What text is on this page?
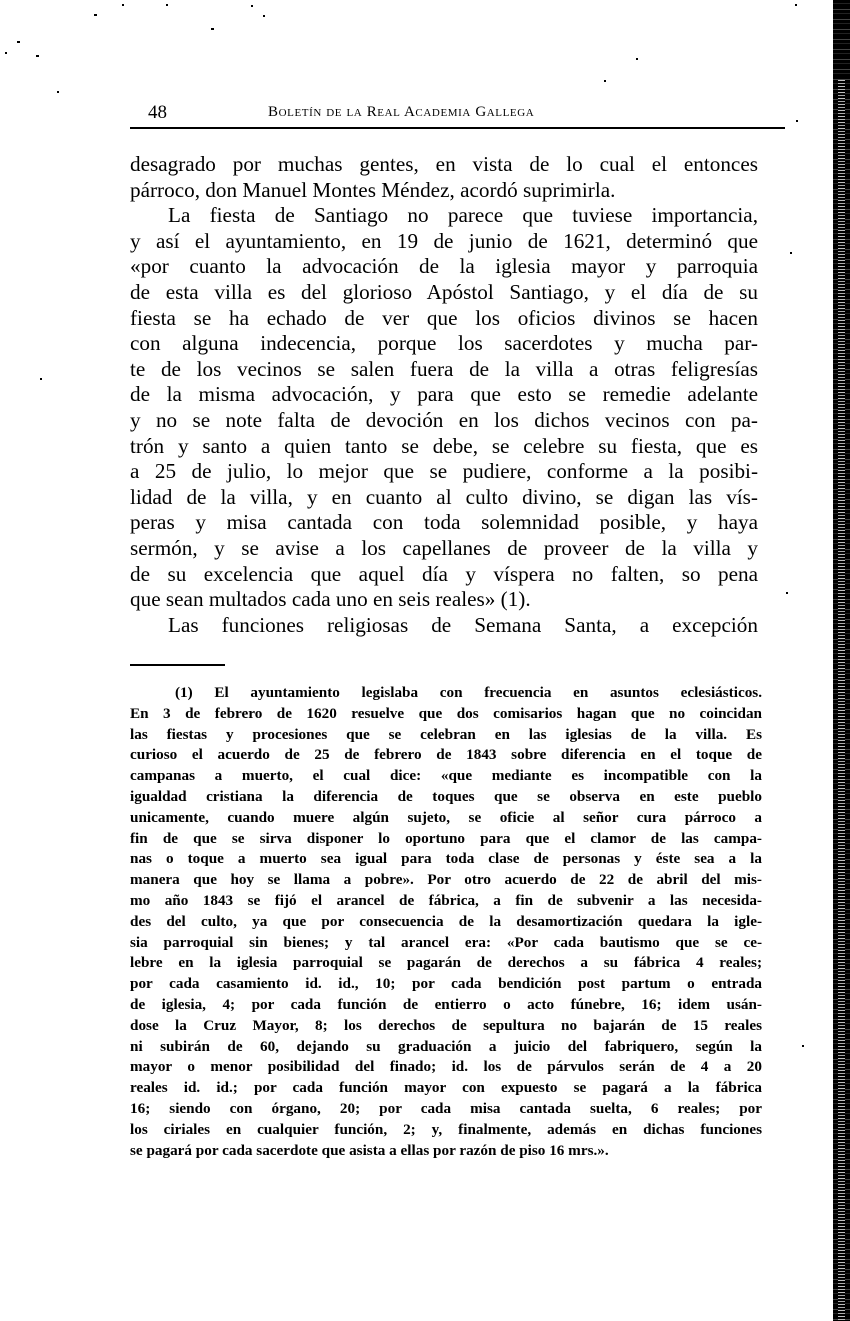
48	Boletín de la Real Academia Gallega
desagrado por muchas gentes, en vista de lo cual el entonces
párroco, don Manuel Montes Méndez, acordó suprimirla.
La fiesta de Santiago no parece que tuviese importancia,
y así el ayuntamiento, en 19 de junio de 1621, determinó que
«por cuanto la advocación de la iglesia mayor y parroquia
de esta villa es del glorioso Apóstol Santiago, y el día de su
fiesta se ha echado de ver que los oficios divinos se hacen
con alguna indecencia, porque los sacerdotes y mucha par-
te de los vecinos se salen fuera de la villa a otras feligresías
de la misma advocación, y para que esto se remedie adelante
y no se note falta de devoción en los dichos vecinos con pa-
trón y santo a quien tanto se debe, se celebre su fiesta, que es
a 25 de julio, lo mejor que se pudiere, conforme a la posibi-
lidad de la villa, y en cuanto al culto divino, se digan las vís-
peras y misa cantada con toda solemnidad posible, y haya
sermón, y se avise a los capellanes de proveer de la villa y
de su excelencia que aquel día y víspera no falten, so pena
que sean multados cada uno en seis reales» (1).
Las funciones religiosas de Semana Santa, a excepción
(1) El ayuntamiento legislaba con frecuencia en asuntos eclesiásticos.
En 3 de febrero de 1620 resuelve que dos comisarios hagan que no coincidan
las fiestas y procesiones que se celebran en las iglesias de la villa. Es
curioso el acuerdo de 25 de febrero de 1843 sobre diferencia en el toque de
campanas a muerto, el cual dice: «que mediante es incompatible con la
igualdad cristiana la diferencia de toques que se observa en este pueblo
unicamente, cuando muere algún sujeto, se oficie al señor cura párroco a
fin de que se sirva disponer lo oportuno para que el clamor de las campa-
nas o toque a muerto sea igual para toda clase de personas y éste sea a la
manera que hoy se llama a pobre». Por otro acuerdo de 22 de abril del mis-
mo año 1843 se fijó el arancel de fábrica, a fin de subvenir a las necesida-
des del culto, ya que por consecuencia de la desamortización quedara la igle-
sia parroquial sin bienes; y tal arancel era: «Por cada bautismo que se ce-
lebre en la iglesia parroquial se pagarán de derechos a su fábrica 4 reales;
por cada casamiento id. id., 10; por cada bendición post partum o entrada
de iglesia, 4; por cada función de entierro o acto fúnebre, 16; idem usán-
dose la Cruz Mayor, 8; los derechos de sepultura no bajarán de 15 reales
ni subirán de 60, dejando su graduación a juicio del fabriquero, según la
mayor o menor posibilidad del finado; id. los de párvulos serán de 4 a 20
reales id. id.; por cada función mayor con expuesto se pagará a la fábrica
16; siendo con órgano, 20; por cada misa cantada suelta, 6 reales; por
los ciriales en cualquier función, 2; y, finalmente, además en dichas funciones
se pagará por cada sacerdote que asista a ellas por razón de piso 16 mrs.».
